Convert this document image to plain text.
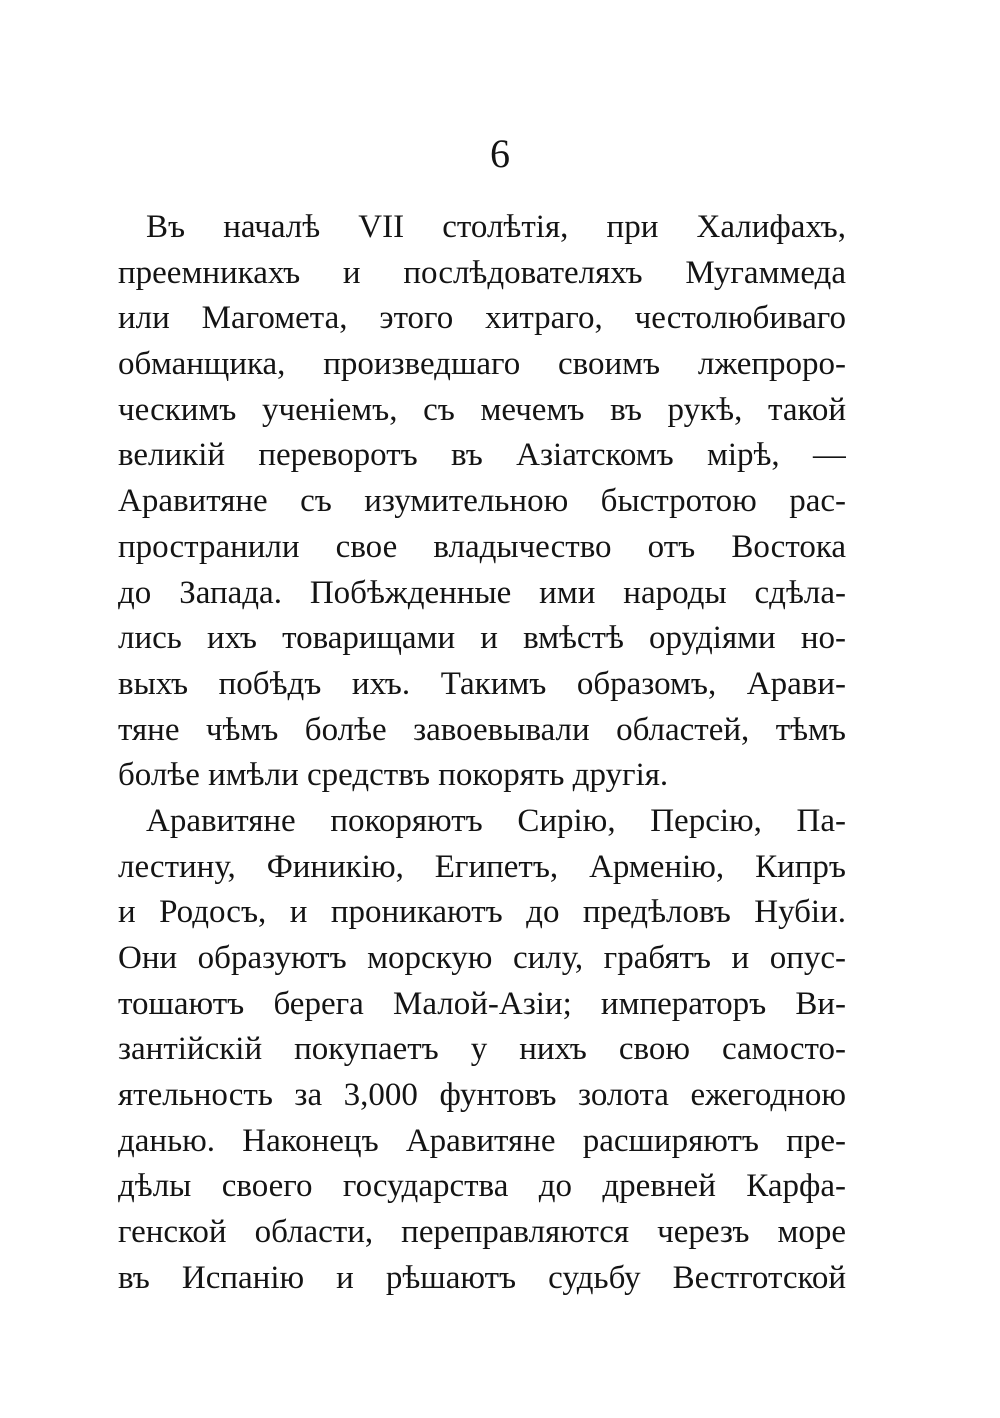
6

Въ началѣ VII столѣтія, при Халифахъ,
преемникахъ и послѣдователяхъ Мугаммеда
или Магомета, этого хитраго, честолюбиваго
обманщика, произведшаго своимъ лжепроро-
ческимъ ученіемъ, съ мечемъ въ рукѣ, такой
великій переворотъ въ Азіатскомъ мірѣ, —
Аравитяне съ изумительною быстротою рас-
пространили свое владычество отъ Востока
до Запада. Побѣжденные ими народы сдѣла-
лись ихъ товарищами и вмѣстѣ орудіями но-
выхъ побѣдъ ихъ. Такимъ образомъ, Арави-
тяне чѣмъ болѣе завоевывали областей, тѣмъ
болѣе имѣли средствъ покорять другія.

Аравитяне покоряютъ Сирію, Персію, Па-
лестину, Финикію, Египетъ, Арменію, Кипръ
и Родосъ, и проникаютъ до предѣловъ Нубіи.
Они образуютъ морскую силу, грабятъ и опус-
тошаютъ берега Малой-Азіи; императоръ Ви-
зантійскій покупаетъ у нихъ свою самосто-
ятельность за 3,000 фунтовъ золота ежегодною
данью. Наконецъ Аравитяне расширяютъ пре-
дѣлы своего государства до древней Карфа-
генской области, переправляются черезъ море
въ Испанію и рѣшаютъ судьбу Вестготской
